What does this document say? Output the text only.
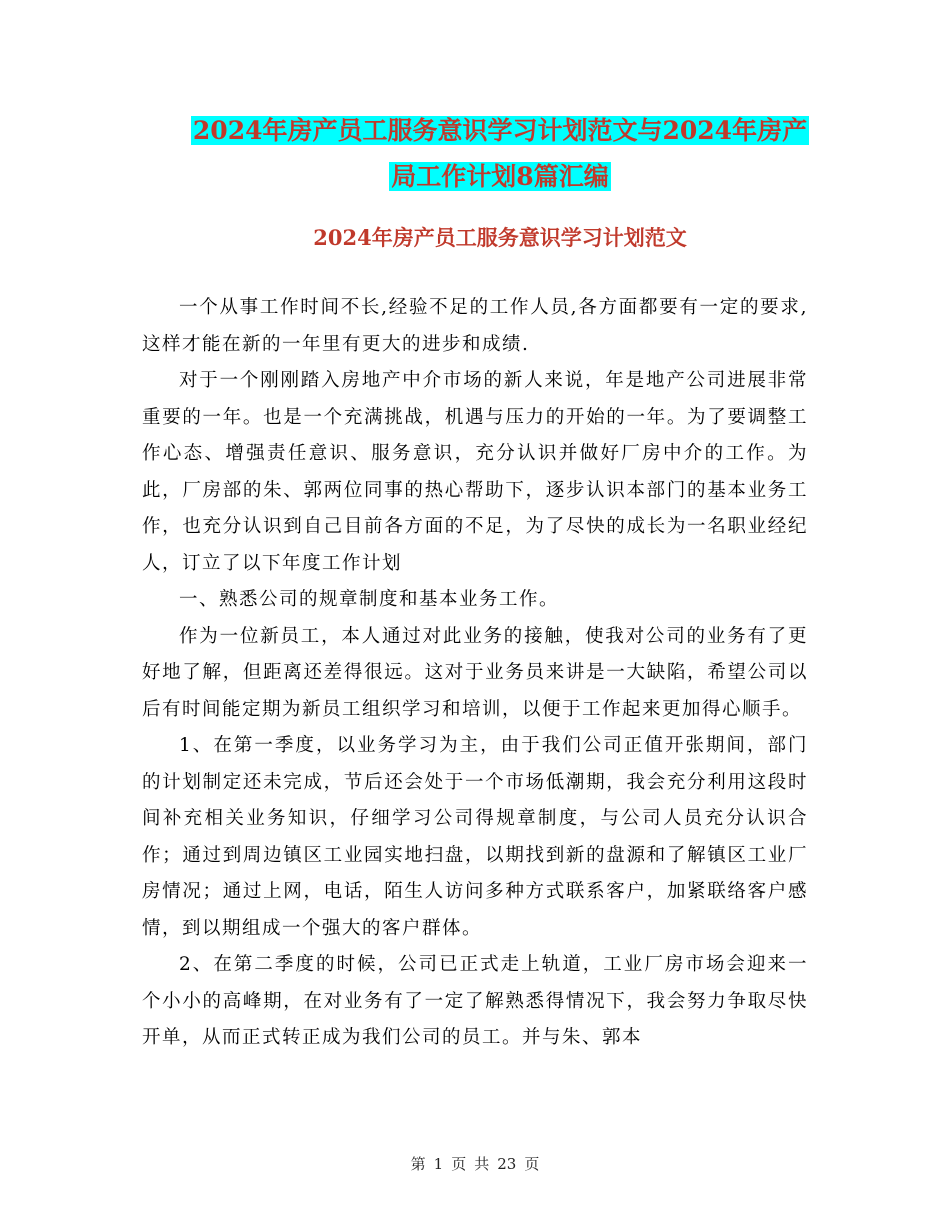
2024年房产员工服务意识学习计划范文与2024年房产
局工作计划8篇汇编
2024年房产员工服务意识学习计划范文

一个从事工作时间不长,经验不足的工作人员,各方面都要有一定的要求,这样才能在新的一年里有更大的进步和成绩.

对于一个刚刚踏入房地产中介市场的新人来说，年是地产公司进展非常重要的一年。也是一个充满挑战，机遇与压力的开始的一年。为了要调整工作心态、增强责任意识、服务意识，充分认识并做好厂房中介的工作。为此，厂房部的朱、郭两位同事的热心帮助下，逐步认识本部门的基本业务工作，也充分认识到自己目前各方面的不足，为了尽快的成长为一名职业经纪人，订立了以下年度工作计划

一、熟悉公司的规章制度和基本业务工作。

作为一位新员工，本人通过对此业务的接触，使我对公司的业务有了更好地了解，但距离还差得很远。这对于业务员来讲是一大缺陷，希望公司以后有时间能定期为新员工组织学习和培训，以便于工作起来更加得心顺手。

1、在第一季度，以业务学习为主，由于我们公司正值开张期间，部门的计划制定还未完成，节后还会处于一个市场低潮期，我会充分利用这段时间补充相关业务知识，仔细学习公司得规章制度，与公司人员充分认识合作；通过到周边镇区工业园实地扫盘，以期找到新的盘源和了解镇区工业厂房情况；通过上网，电话，陌生人访问多种方式联系客户，加紧联络客户感情，到以期组成一个强大的客户群体。

2、在第二季度的时候，公司已正式走上轨道，工业厂房市场会迎来一个小小的高峰期，在对业务有了一定了解熟悉得情况下，我会努力争取尽快开单，从而正式转正成为我们公司的员工。并与朱、郭本

第 1 页 共 23 页
